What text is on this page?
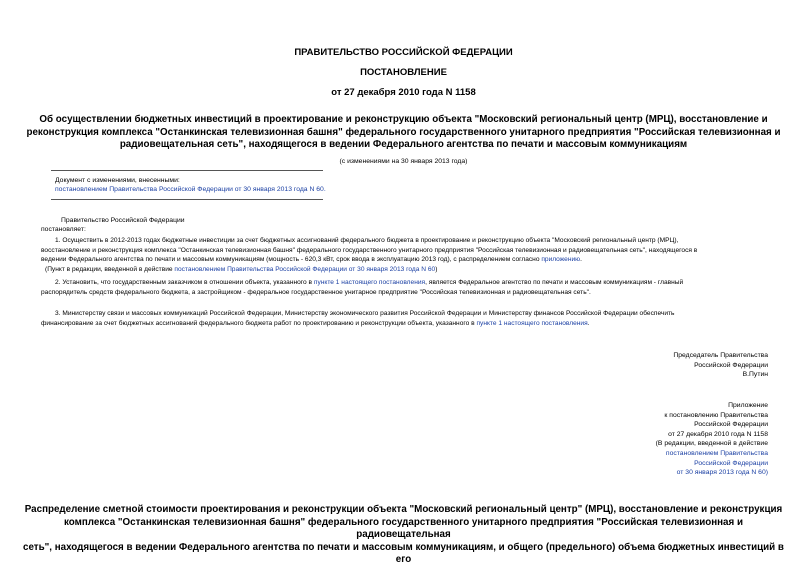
ПРАВИТЕЛЬСТВО РОССИЙСКОЙ ФЕДЕРАЦИИ
ПОСТАНОВЛЕНИЕ
от 27 декабря 2010 года N 1158
Об осуществлении бюджетных инвестиций в проектирование и реконструкцию объекта "Московский региональный центр (МРЦ), восстановление и
реконструкция комплекса "Останкинская телевизионная башня" федерального государственного унитарного предприятия "Российская телевизионная и
радиовещательная сеть", находящегося в ведении Федерального агентства по печати и массовым коммуникациям
(с изменениями на 30 января 2013 года)
Документ с изменениями, внесенными:
постановлением Правительства Российской Федерации от 30 января 2013 года N 60.
Правительство Российской Федерации
постановляет:
1. Осуществить в 2012-2013 годах бюджетные инвестиции за счет бюджетных ассигнований федерального бюджета в проектирование и реконструкцию объекта "Московский региональный центр (МРЦ),
восстановление и реконструкция комплекса "Останкинская телевизионная башня" федерального государственного унитарного предприятия "Российская телевизионная и радиовещательная сеть", находящегося в
ведении Федерального агентства по печати и массовым коммуникациям (мощность - 620,3 кВт, срок ввода в эксплуатацию 2013 год), с распределением согласно приложению.
(Пункт в редакции, введенной в действие постановлением Правительства Российской Федерации от 30 января 2013 года N 60)
2. Установить, что государственным заказчиком в отношении объекта, указанного в пункте 1 настоящего постановления, является Федеральное агентство по печати и массовым коммуникациям - главный
распорядитель средств федерального бюджета, а застройщиком - федеральное государственное унитарное предприятие "Российская телевизионная и радиовещательная сеть".
3. Министерству связи и массовых коммуникаций Российской Федерации, Министерству экономического развития Российской Федерации и Министерству финансов Российской Федерации обеспечить
финансирование за счет бюджетных ассигнований федерального бюджета работ по проектированию и реконструкции объекта, указанного в пункте 1 настоящего постановления.
Председатель Правительства
Российской Федерации
В.Путин
Приложение
к постановлению Правительства
Российской Федерации
от 27 декабря 2010 года N 1158
(В редакции, введенной в действие
постановлением Правительства
Российской Федерации
от 30 января 2013 года N 60)
Распределение сметной стоимости проектирования и реконструкции объекта "Московский региональный центр" (МРЦ), восстановление и реконструкция
комплекса "Останкинская телевизионная башня" федерального государственного унитарного предприятия "Российская телевизионная и радиовещательная
сеть", находящегося в ведении Федерального агентства по печати и массовым коммуникациям, и общего (предельного) объема бюджетных инвестиций в его
